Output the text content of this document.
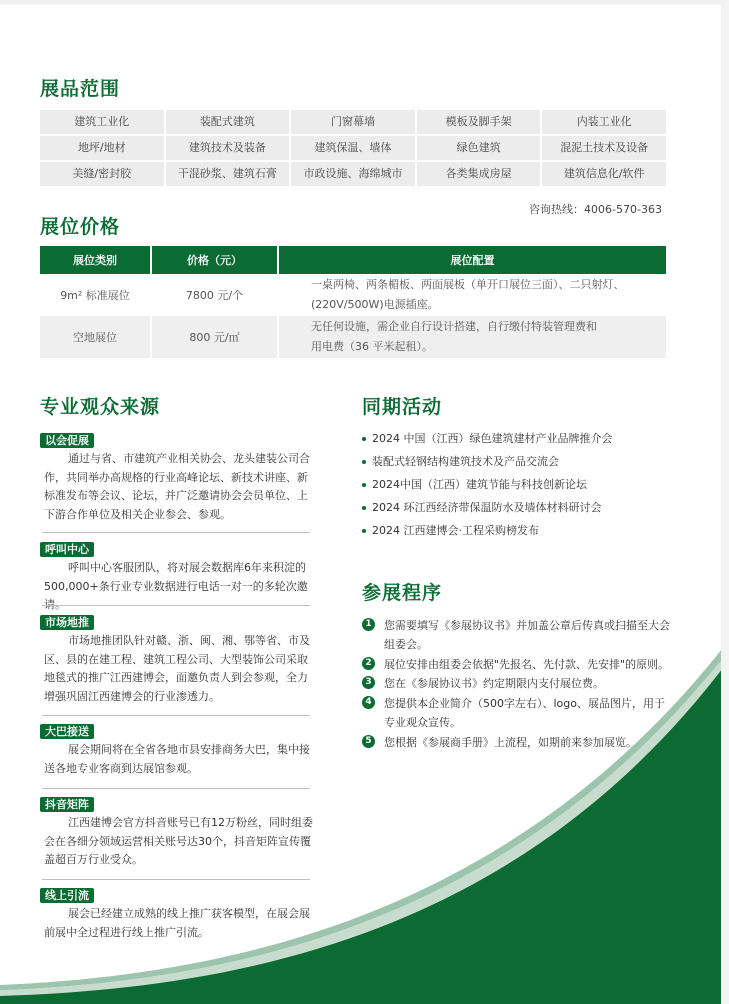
展品范围
建筑工业化	装配式建筑	门窗幕墙	模板及脚手架	内装工业化
地坪/地材	建筑技术及装备	建筑保温、墙体	绿色建筑	混泥土技术及设备
美缝/密封胶	干混砂浆、建筑石膏	市政设施、海绵城市	各类集成房屋	建筑信息化/软件
展位价格
咨询热线：4006-570-363
展位类别	价格（元）	展位配置
9m² 标准展位	7800 元/个	一桌两椅、两条楣板、两面展板（单开口展位三面）、二只射灯、
(220V/500W)电源插座。

空地展位	800 元/㎡	无任何设施，需企业自行设计搭建，自行缴付特装管理费和
用电费（36 平米起租）。
专业观众来源
以会促展
通过与省、市建筑产业相关协会、龙头建装公司合作，共同举办高规格的行业高峰论坛、新技术讲座、新标准发布等会议、论坛，并广泛邀请协会会员单位、上下游合作单位及相关企业参会、参观。
呼叫中心
呼叫中心客服团队，将对展会数据库6年来积淀的500,000+条行业专业数据进行电话一对一的多轮次邀请。
市场地推
市场地推团队针对赣、浙、闽、湘、鄂等省、市及区、县的在建工程、建筑工程公司、大型装饰公司采取地毯式的推广江西建博会，面邀负责人到会参观，全力增强巩固江西建博会的行业渗透力。
大巴接送
展会期间将在全省各地市县安排商务大巴，集中接送各地专业客商到达展馆参观。
抖音矩阵
江西建博会官方抖音账号已有12万粉丝，同时组委会在各细分领域运营相关账号达30个，抖音矩阵宣传覆盖超百万行业受众。
线上引流
展会已经建立成熟的线上推广获客模型，在展会展前展中全过程进行线上推广引流。
同期活动
2024 中国（江西）绿色建筑建材产业品牌推介会
装配式轻钢结构建筑技术及产品交流会
2024中国（江西）建筑节能与科技创新论坛
2024 环江西经济带保温防水及墙体材料研讨会
2024 江西建博会·工程采购榜发布
参展程序
1	您需要填写《参展协议书》并加盖公章后传真或扫描至大会组委会。
2	展位安排由组委会依据"先报名、先付款、先安排"的原则。
3	您在《参展协议书》约定期限内支付展位费。
4	您提供本企业简介（500字左右）、logo、展品图片，用于专业观众宣传。
5	您根据《参展商手册》上流程，如期前来参加展览。
